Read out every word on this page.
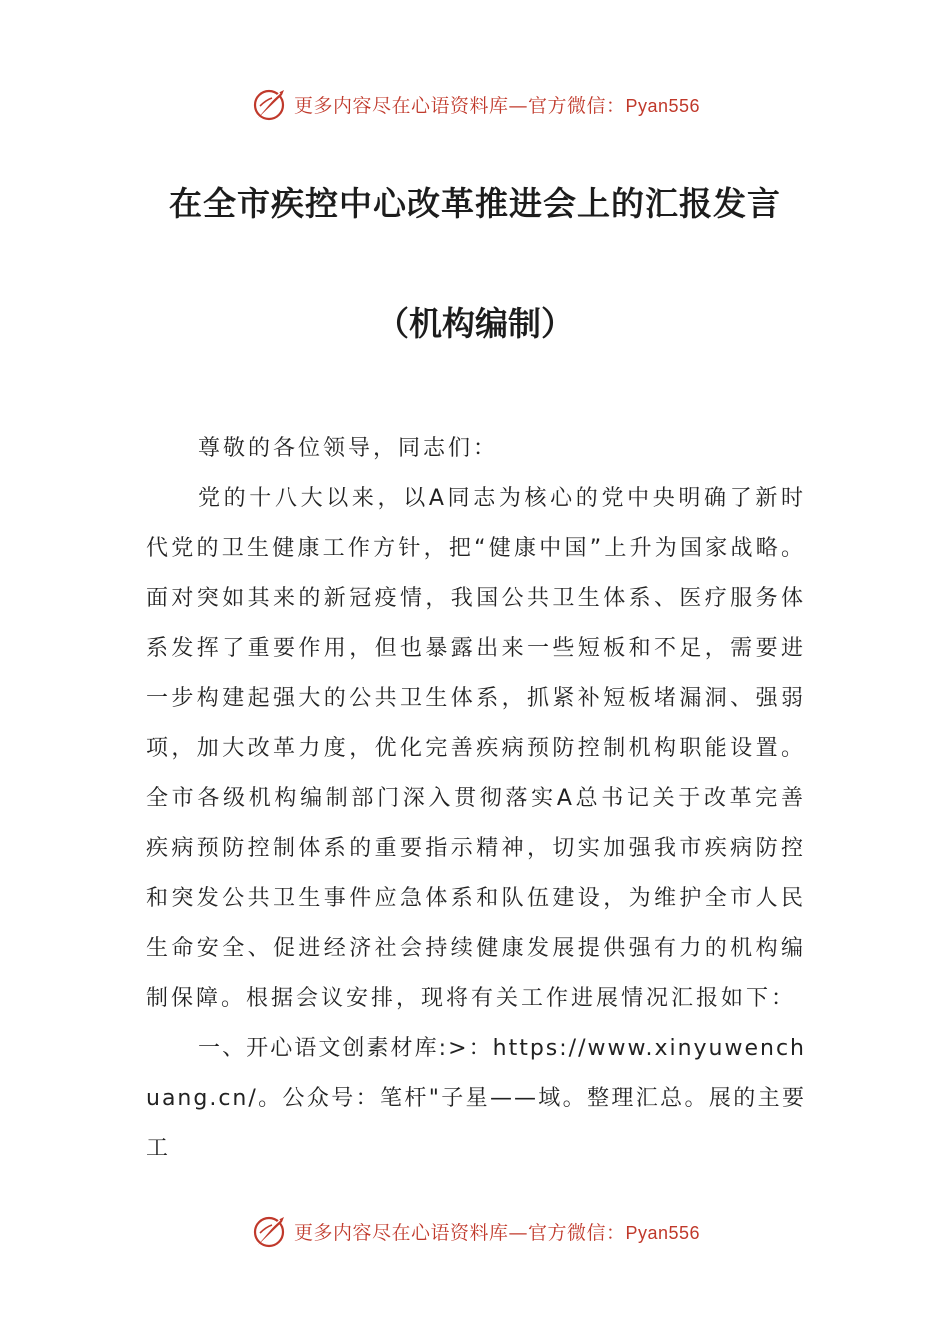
更多内容尽在心语资料库—官方微信：Pyan556
在全市疾控中心改革推进会上的汇报发言
（机构编制）

尊敬的各位领导，同志们：

党的十八大以来，以A同志为核心的党中央明确了新时代党的卫生健康工作方针，把“健康中国”上升为国家战略。面对突如其来的新冠疫情，我国公共卫生体系、医疗服务体系发挥了重要作用，但也暴露出来一些短板和不足，需要进一步构建起强大的公共卫生体系，抓紧补短板堵漏洞、强弱项，加大改革力度，优化完善疾病预防控制机构职能设置。全市各级机构编制部门深入贯彻落实A总书记关于改革完善疾病预防控制体系的重要指示精神，切实加强我市疾病防控和突发公共卫生事件应急体系和队伍建设，为维护全市人民生命安全、促进经济社会持续健康发展提供强有力的机构编制保障。根据会议安排，现将有关工作进展情况汇报如下：

一、开心语文创素材库:>：https://www.xinyuwenchuang.cn/。公众号：笔杆"子星——域。整理汇总。展的主要工

更多内容尽在心语资料库—官方微信：Pyan556
